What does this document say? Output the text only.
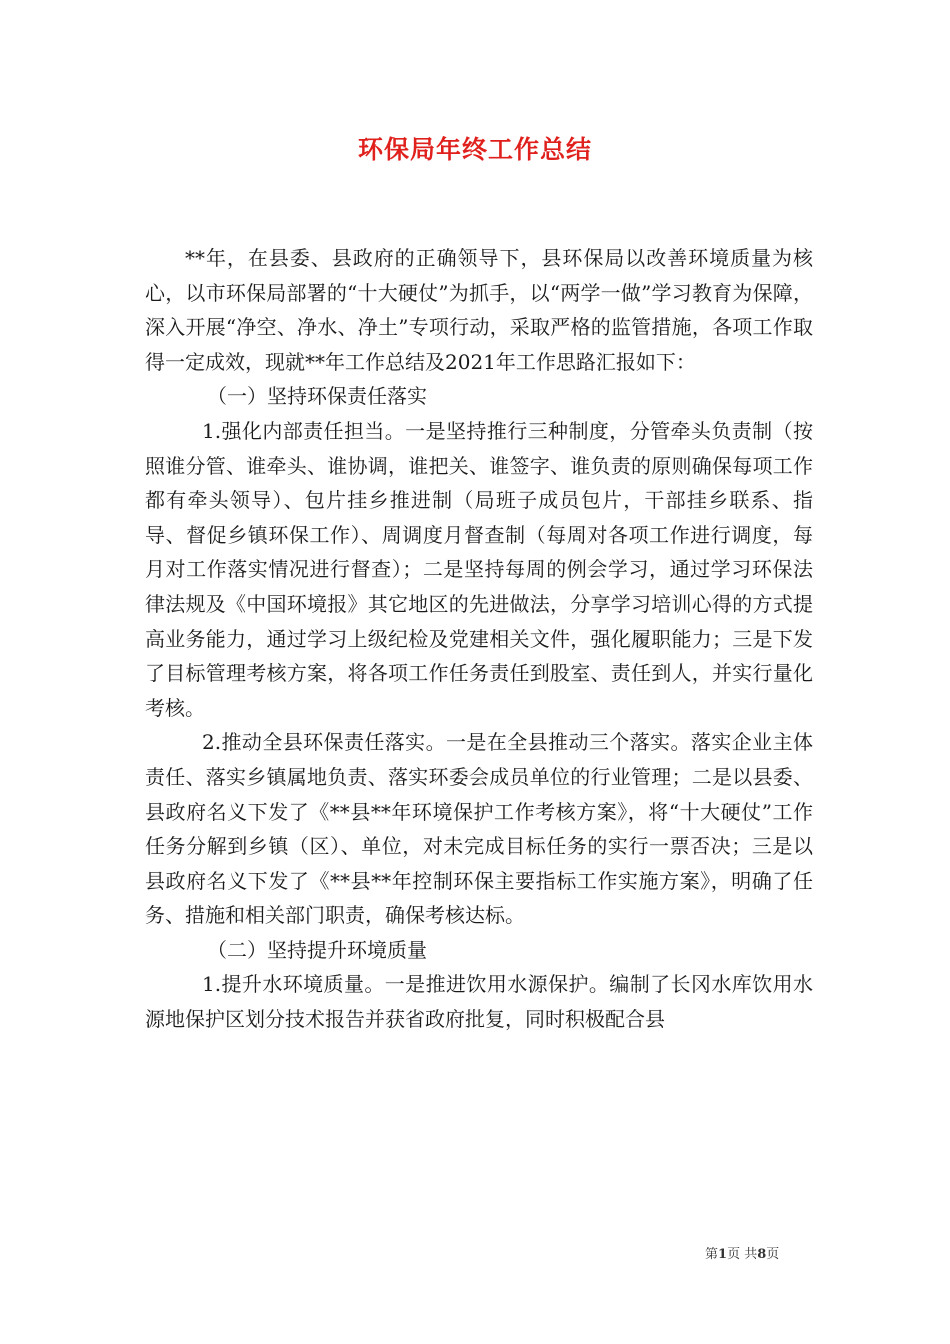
环保局年终工作总结

**年，在县委、县政府的正确领导下，县环保局以改善环境质量为核心，以市环保局部署的“十大硬仗”为抓手，以“两学一做”学习教育为保障，深入开展“净空、净水、净土”专项行动，采取严格的监管措施，各项工作取得一定成效，现就**年工作总结及2021年工作思路汇报如下：

（一）坚持环保责任落实

1.强化内部责任担当。一是坚持推行三种制度，分管牵头负责制（按照谁分管、谁牵头、谁协调，谁把关、谁签字、谁负责的原则确保每项工作都有牵头领导）、包片挂乡推进制（局班子成员包片，干部挂乡联系、指导、督促乡镇环保工作）、周调度月督查制（每周对各项工作进行调度，每月对工作落实情况进行督查）；二是坚持每周的例会学习，通过学习环保法律法规及《中国环境报》其它地区的先进做法，分享学习培训心得的方式提高业务能力，通过学习上级纪检及党建相关文件，强化履职能力；三是下发了目标管理考核方案，将各项工作任务责任到股室、责任到人，并实行量化考核。

2.推动全县环保责任落实。一是在全县推动三个落实。落实企业主体责任、落实乡镇属地负责、落实环委会成员单位的行业管理；二是以县委、县政府名义下发了《**县**年环境保护工作考核方案》，将“十大硬仗”工作任务分解到乡镇（区）、单位，对未完成目标任务的实行一票否决；三是以县政府名义下发了《**县**年控制环保主要指标工作实施方案》，明确了任务、措施和相关部门职责，确保考核达标。

（二）坚持提升环境质量

1.提升水环境质量。一是推进饮用水源保护。编制了长冈水库饮用水源地保护区划分技术报告并获省政府批复，同时积极配合县

第1页 共8页
